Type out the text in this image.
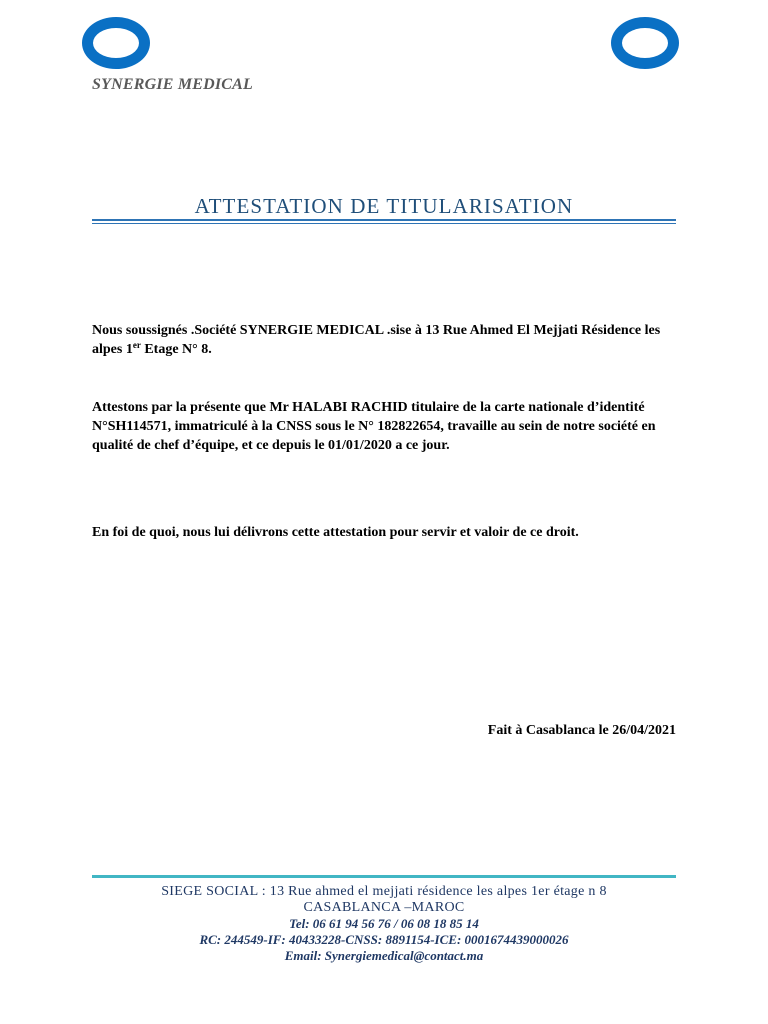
SYNERGIE MEDICAL
ATTESTATION DE TITULARISATION

Nous soussignés .Société SYNERGIE MEDICAL .sise à 13 Rue Ahmed El Mejjati Résidence les alpes 1er Etage N° 8.

Attestons par la présente que Mr HALABI RACHID titulaire de la carte nationale d’identité N°SH114571, immatriculé à la CNSS sous le N° 182822654, travaille au sein de notre société en qualité de chef d’équipe, et ce depuis le 01/01/2020 a ce jour.

En foi de quoi, nous lui délivrons cette attestation pour servir et valoir de ce droit.

Fait à Casablanca le 26/04/2021
SIEGE SOCIAL : 13 Rue ahmed el mejjati résidence les alpes 1er étage n 8
CASABLANCA –MAROC
Tel: 06 61 94 56 76 / 06 08 18 85 14
RC: 244549-IF: 40433228-CNSS: 8891154-ICE: 0001674439000026
Email: Synergiemedical@contact.ma
